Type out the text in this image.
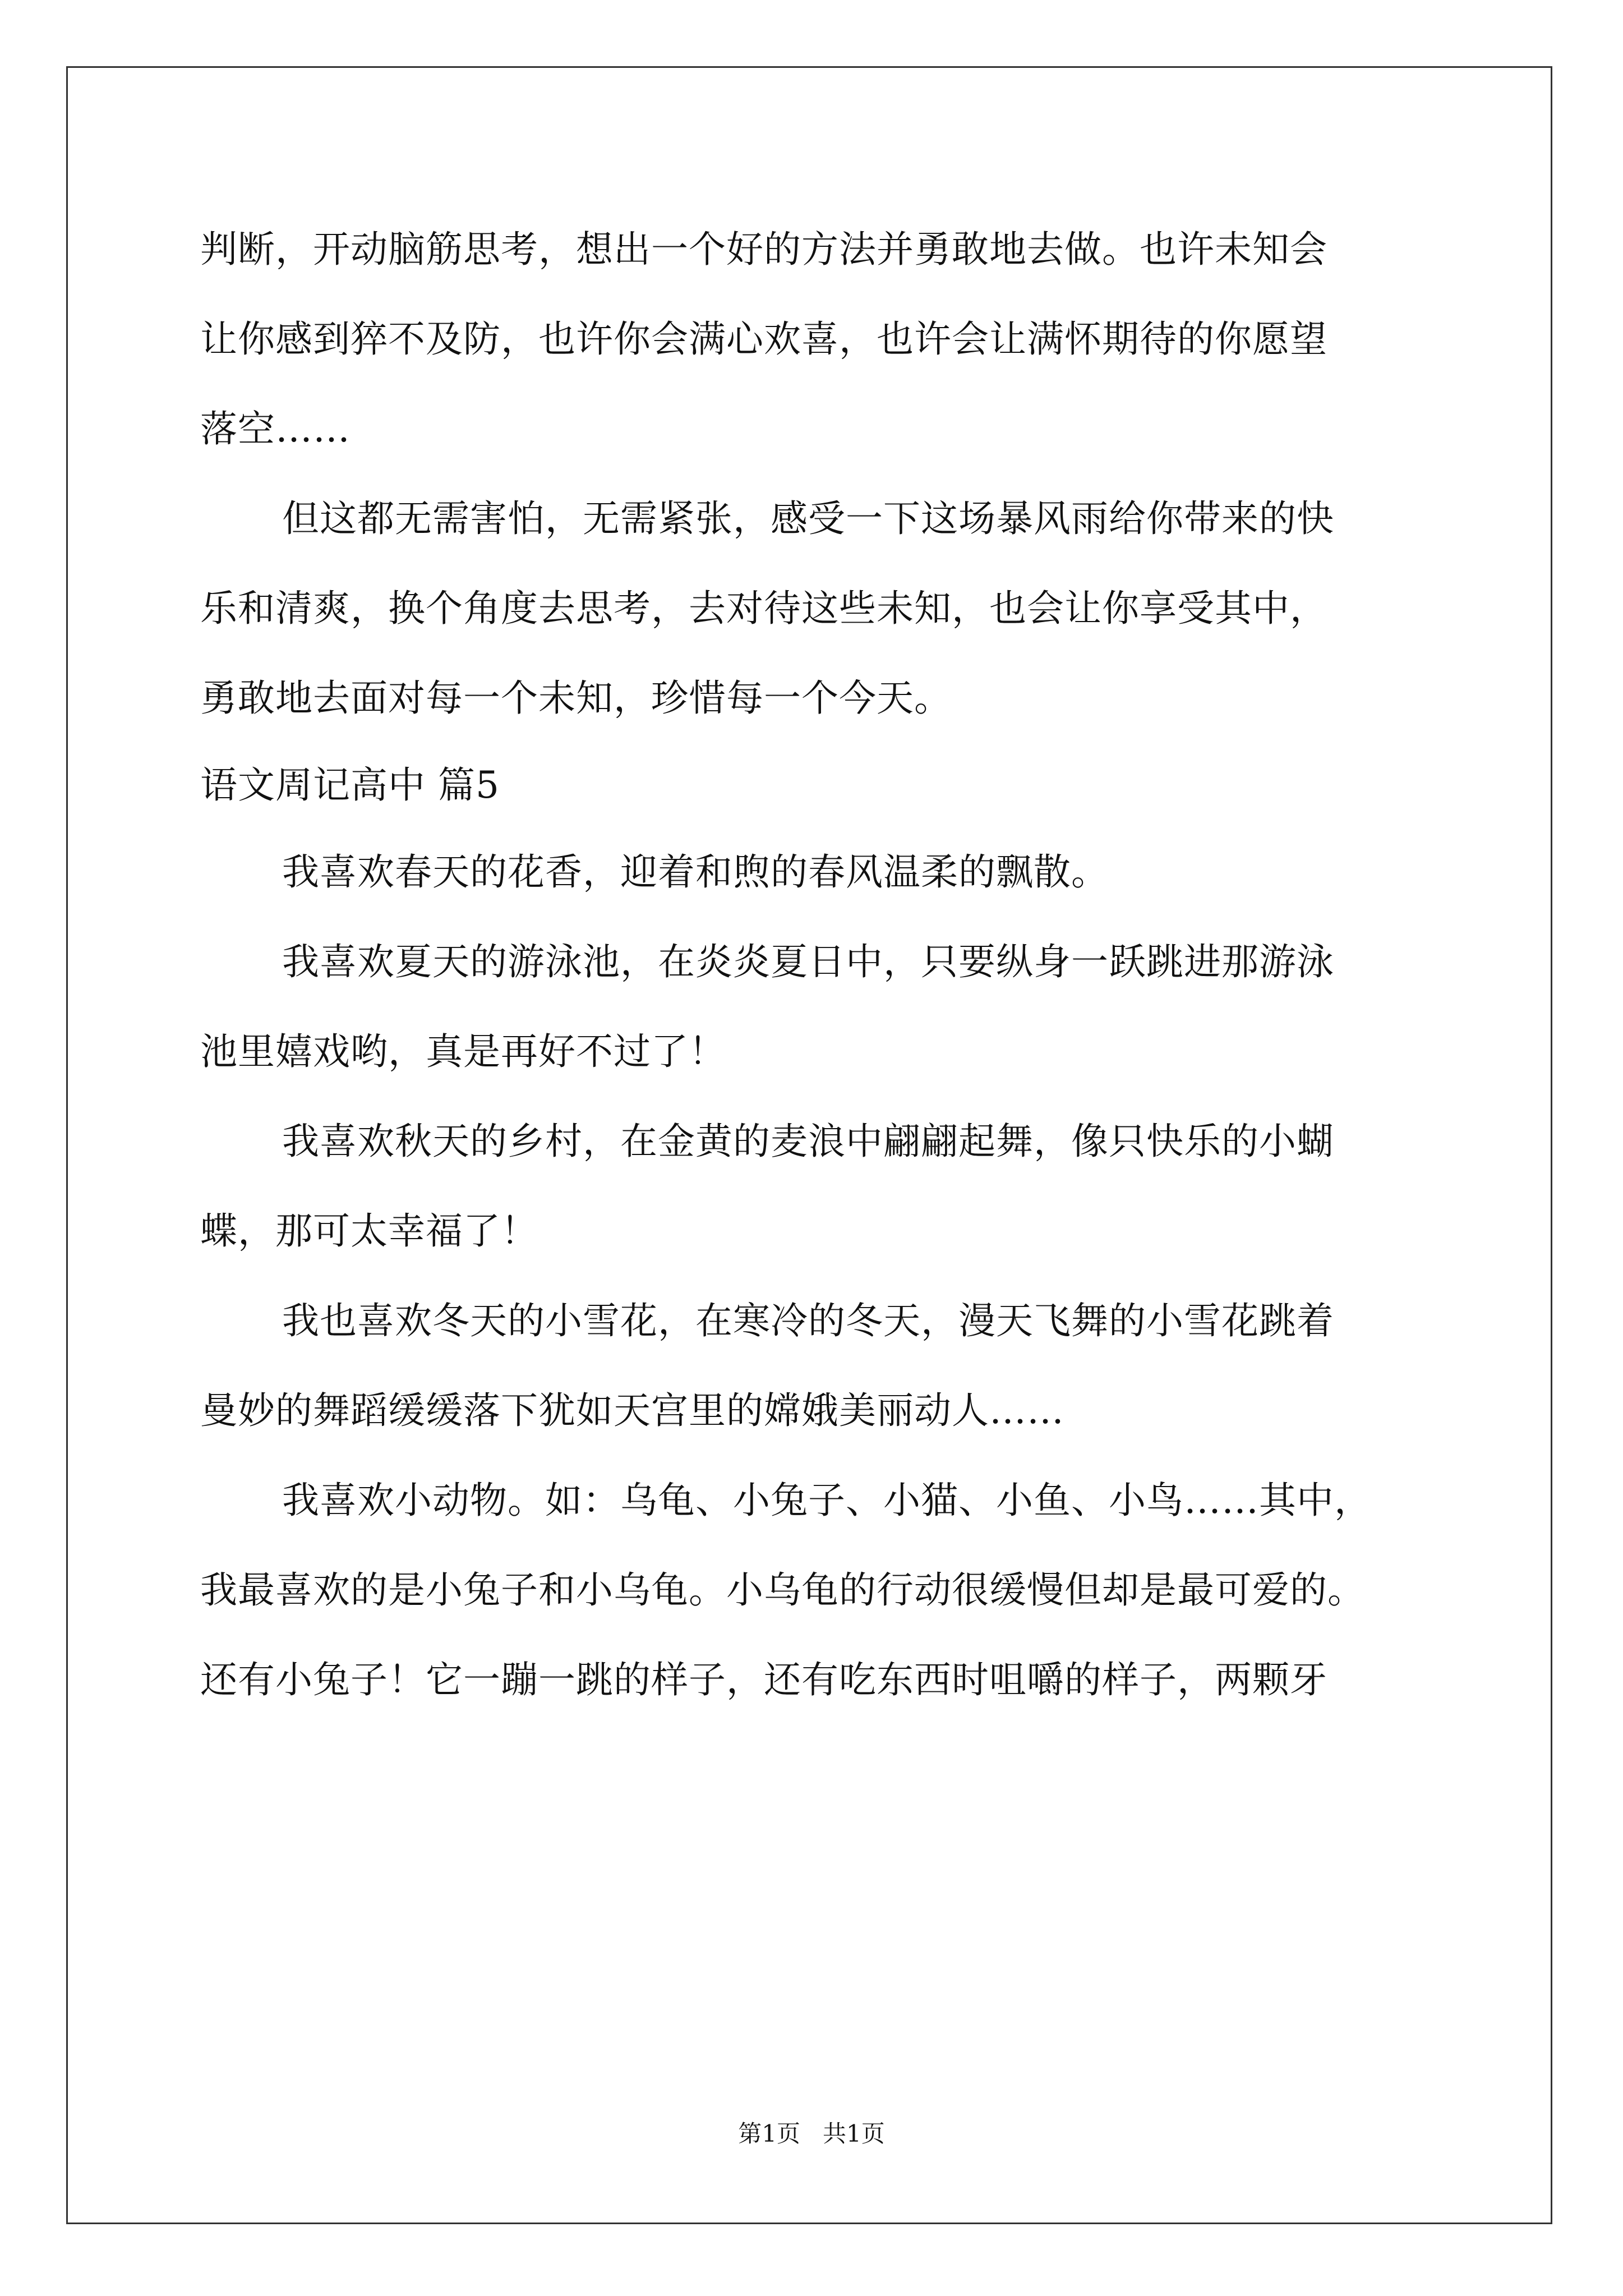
判断，开动脑筋思考，想出一个好的方法并勇敢地去做。也许未知会
让你感到猝不及防，也许你会满心欢喜，也许会让满怀期待的你愿望
落空……
但这都无需害怕，无需紧张，感受一下这场暴风雨给你带来的快
乐和清爽，换个角度去思考，去对待这些未知，也会让你享受其中，
勇敢地去面对每一个未知，珍惜每一个今天。
语文周记高中 篇5
我喜欢春天的花香，迎着和煦的春风温柔的飘散。
我喜欢夏天的游泳池，在炎炎夏日中，只要纵身一跃跳进那游泳
池里嬉戏哟，真是再好不过了！
我喜欢秋天的乡村，在金黄的麦浪中翩翩起舞，像只快乐的小蝴
蝶，那可太幸福了！
我也喜欢冬天的小雪花，在寒冷的冬天，漫天飞舞的小雪花跳着
曼妙的舞蹈缓缓落下犹如天宫里的嫦娥美丽动人……
我喜欢小动物。如：乌龟、小兔子、小猫、小鱼、小鸟……其中，
我最喜欢的是小兔子和小乌龟。小乌龟的行动很缓慢但却是最可爱的。
还有小兔子！它一蹦一跳的样子，还有吃东西时咀嚼的样子，两颗牙
第1页   共1页
